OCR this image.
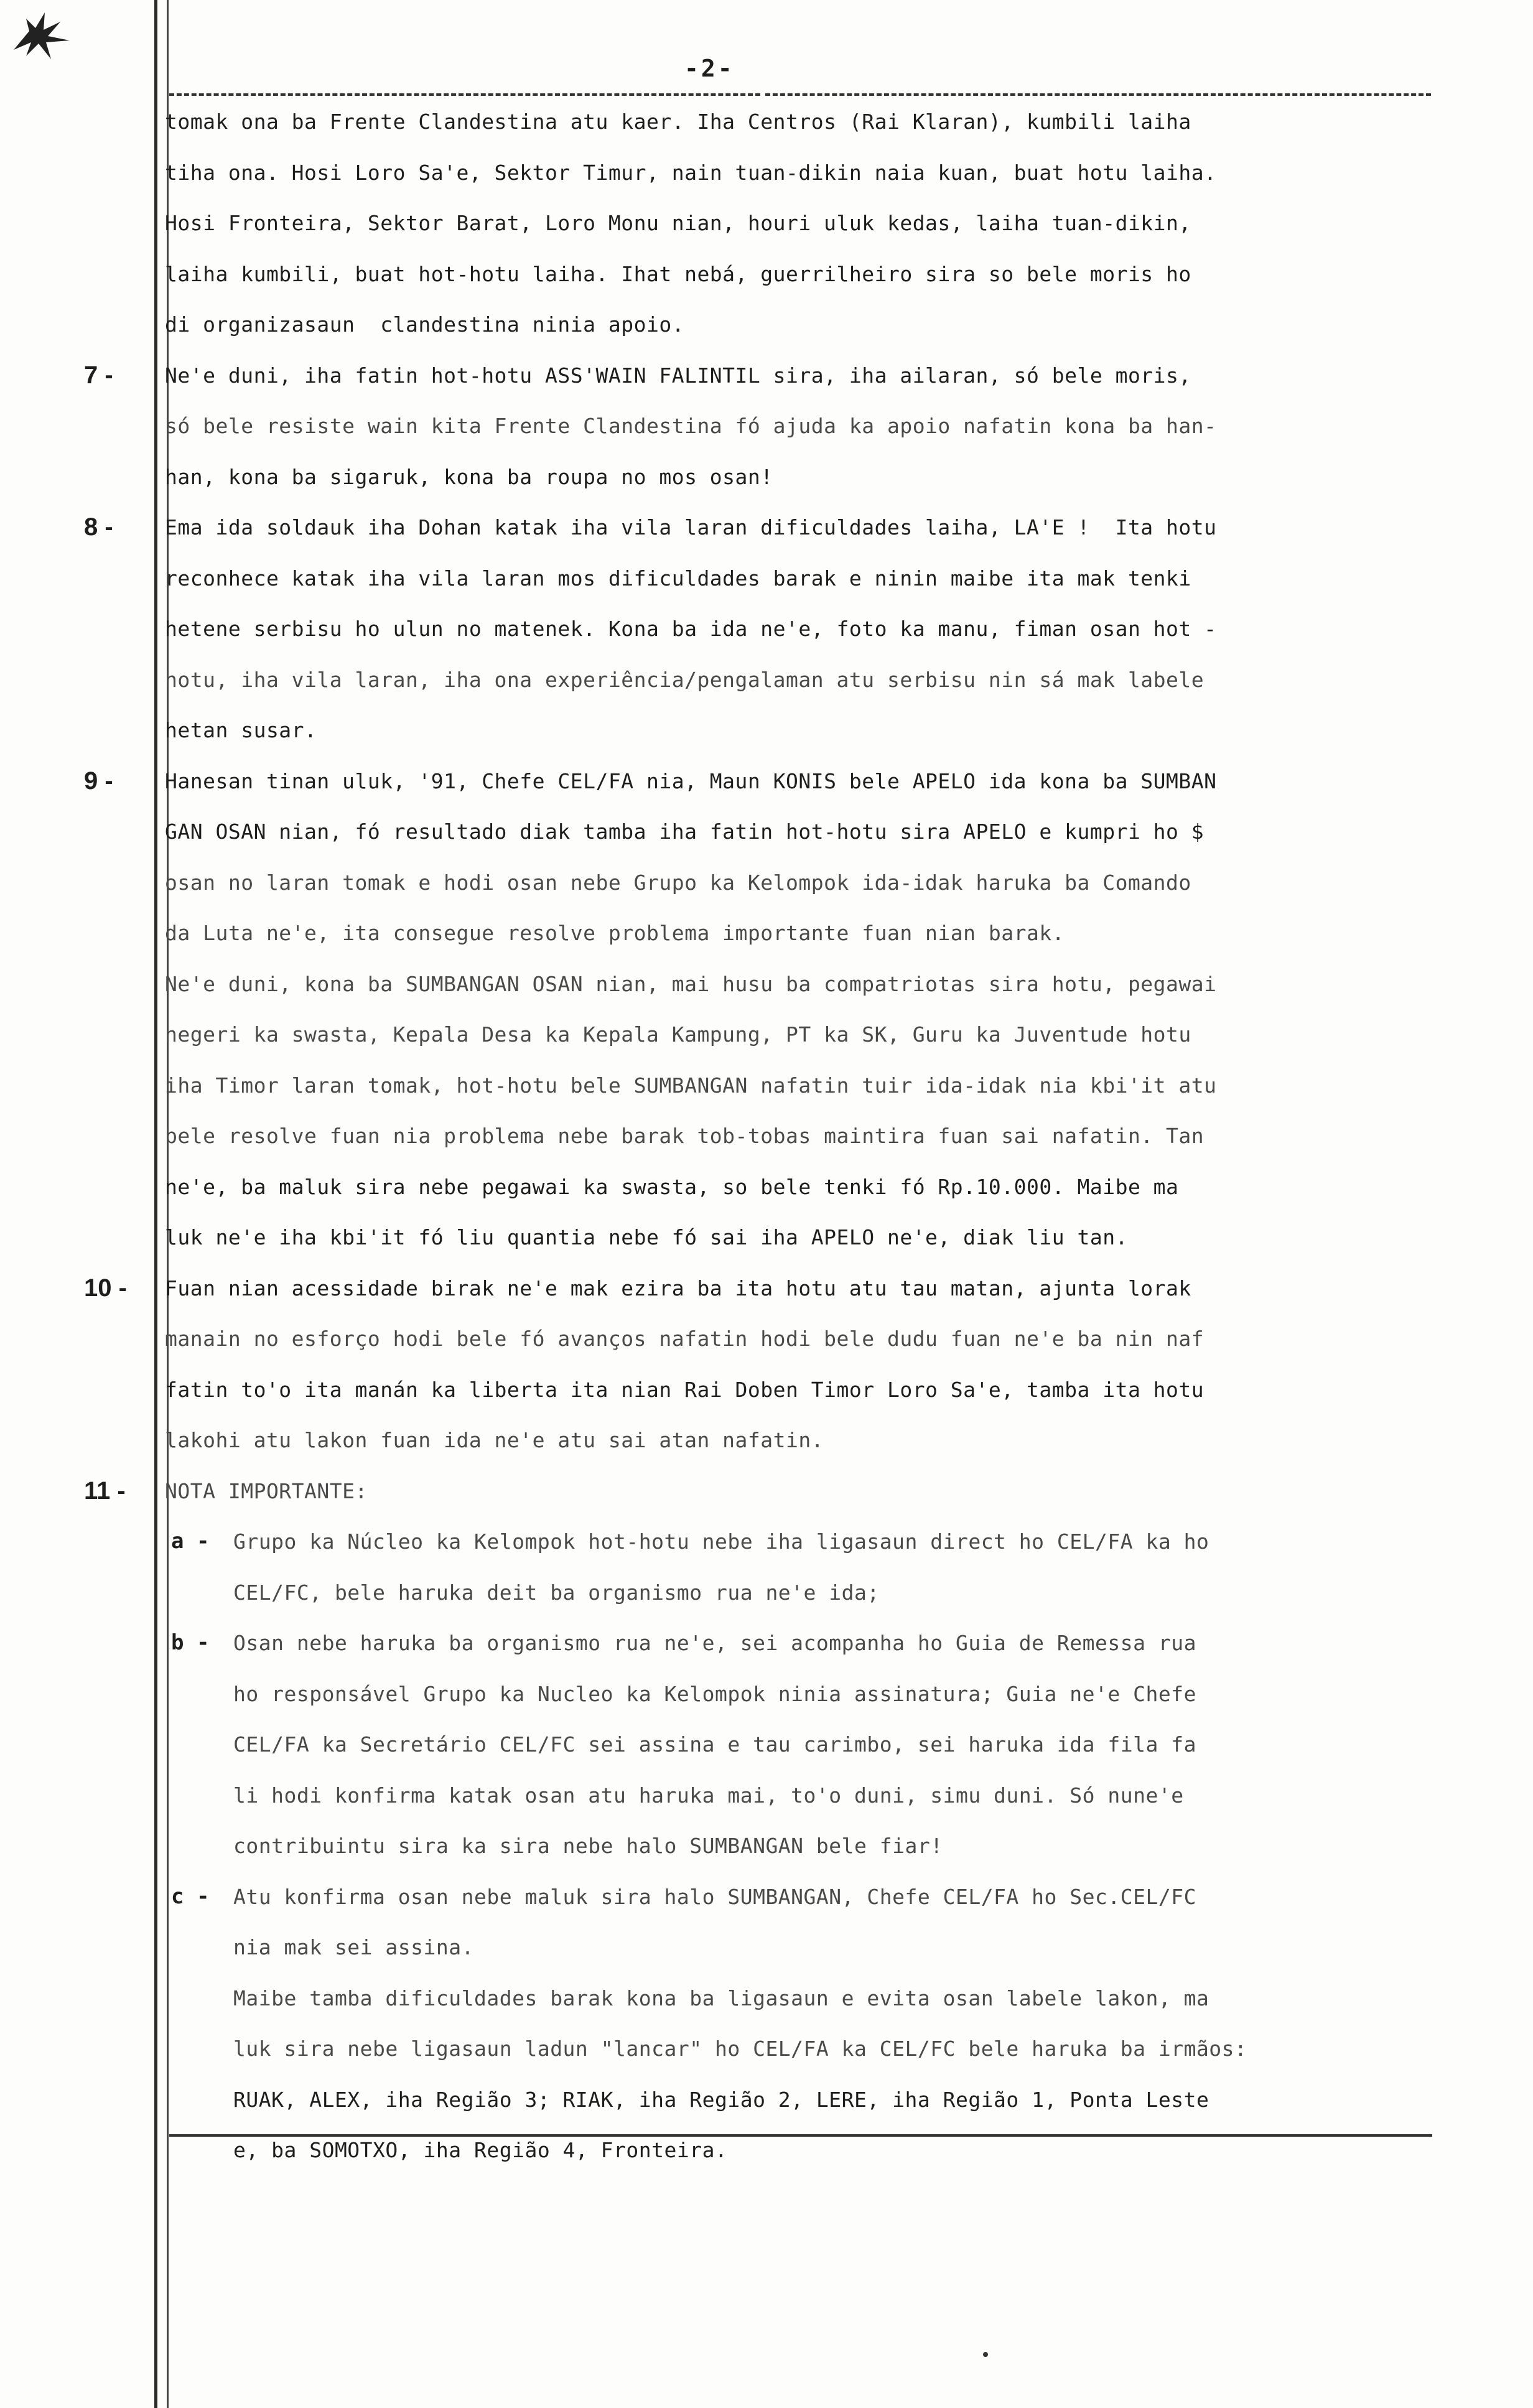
-2-
tomak ona ba Frente Clandestina atu kaer. Iha Centros (Rai Klaran), kumbili laiha
tiha ona. Hosi Loro Sa'e, Sektor Timur, nain tuan-dikin naia kuan, buat hotu laiha.
Hosi Fronteira, Sektor Barat, Loro Monu nian, houri uluk kedas, laiha tuan-dikin,
laiha kumbili, buat hot-hotu laiha. Ihat nebá, guerrilheiro sira so bele moris ho
di organizasaun  clandestina ninia apoio.
7 -	Ne'e duni, iha fatin hot-hotu ASS'WAIN FALINTIL sira, iha ailaran, só bele moris,
só bele resiste wain kita Frente Clandestina fó ajuda ka apoio nafatin kona ba han-
han, kona ba sigaruk, kona ba roupa no mos osan!
8 -	Ema ida soldauk iha Dohan katak iha vila laran dificuldades laiha, LA'E !  Ita hotu
reconhece katak iha vila laran mos dificuldades barak e ninin maibe ita mak tenki
hetene serbisu ho ulun no matenek. Kona ba ida ne'e, foto ka manu, fiman osan hot -
hotu, iha vila laran, iha ona experiência/pengalaman atu serbisu nin sá mak labele
hetan susar.
9 -	Hanesan tinan uluk, '91, Chefe CEL/FA nia, Maun KONIS bele APELO ida kona ba SUMBAN
GAN OSAN nian, fó resultado diak tamba iha fatin hot-hotu sira APELO e kumpri ho $
osan no laran tomak e hodi osan nebe Grupo ka Kelompok ida-idak haruka ba Comando
da Luta ne'e, ita consegue resolve problema importante fuan nian barak.
Ne'e duni, kona ba SUMBANGAN OSAN nian, mai husu ba compatriotas sira hotu, pegawai
negeri ka swasta, Kepala Desa ka Kepala Kampung, PT ka SK, Guru ka Juventude hotu
iha Timor laran tomak, hot-hotu bele SUMBANGAN nafatin tuir ida-idak nia kbi'it atu
bele resolve fuan nia problema nebe barak tob-tobas maintira fuan sai nafatin. Tan
ne'e, ba maluk sira nebe pegawai ka swasta, so bele tenki fó Rp.10.000. Maibe ma
luk ne'e iha kbi'it fó liu quantia nebe fó sai iha APELO ne'e, diak liu tan.
10 -	Fuan nian acessidade birak ne'e mak ezira ba ita hotu atu tau matan, ajunta lorak
manain no esforço hodi bele fó avanços nafatin hodi bele dudu fuan ne'e ba nin naf
fatin to'o ita manán ka liberta ita nian Rai Doben Timor Loro Sa'e, tamba ita hotu
lakohi atu lakon fuan ida ne'e atu sai atan nafatin.
11 -	NOTA IMPORTANTE:
a - Grupo ka Núcleo ka Kelompok hot-hotu nebe iha ligasaun direct ho CEL/FA ka ho
CEL/FC, bele haruka deit ba organismo rua ne'e ida;
b - Osan nebe haruka ba organismo rua ne'e, sei acompanha ho Guia de Remessa rua
ho responsável Grupo ka Nucleo ka Kelompok ninia assinatura; Guia ne'e Chefe
CEL/FA ka Secretário CEL/FC sei assina e tau carimbo, sei haruka ida fila fa
li hodi konfirma katak osan atu haruka mai, to'o duni, simu duni. Só nune'e
contribuintu sira ka sira nebe halo SUMBANGAN bele fiar!
c - Atu konfirma osan nebe maluk sira halo SUMBANGAN, Chefe CEL/FA ho Sec.CEL/FC
nia mak sei assina.
Maibe tamba dificuldades barak kona ba ligasaun e evita osan labele lakon, ma
luk sira nebe ligasaun ladun "lancar" ho CEL/FA ka CEL/FC bele haruka ba irmãos:
RUAK, ALEX, iha Região 3; RIAK, iha Região 2, LERE, iha Região 1, Ponta Leste
e, ba SOMOTXO, iha Região 4, Fronteira.
